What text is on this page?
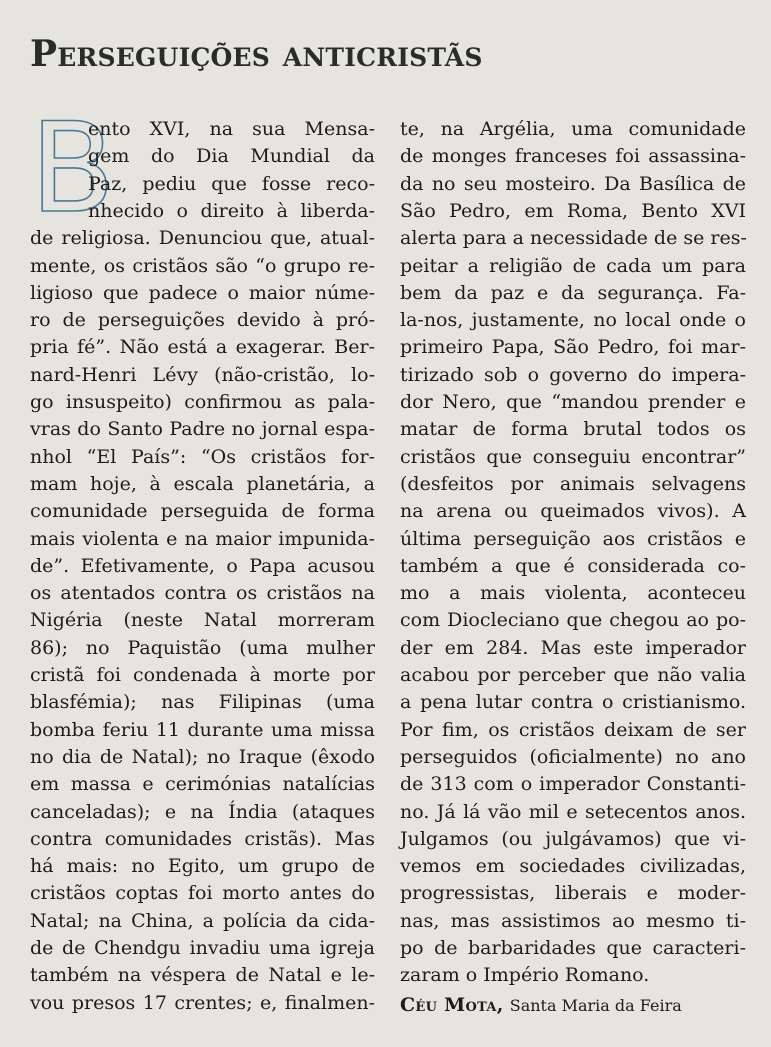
Perseguições anticristãs
B
ento XVI, na sua Mensa-
gem do Dia Mundial da
Paz, pediu que fosse reco-
nhecido o direito à liberda-
de religiosa. Denunciou que, atual-
mente, os cristãos são “o grupo re-
ligioso que padece o maior núme-
ro de perseguições devido à pró-
pria fé”. Não está a exagerar. Ber-
nard-Henri Lévy (não-cristão, lo-
go insuspeito) confirmou as pala-
vras do Santo Padre no jornal espa-
nhol “El País”: “Os cristãos for-
mam hoje, à escala planetária, a
comunidade perseguida de forma
mais violenta e na maior impunida-
de”. Efetivamente, o Papa acusou
os atentados contra os cristãos na
Nigéria (neste Natal morreram
86); no Paquistão (uma mulher
cristã foi condenada à morte por
blasfémia); nas Filipinas (uma
bomba feriu 11 durante uma missa
no dia de Natal); no Iraque (êxodo
em massa e cerimónias natalícias
canceladas); e na Índia (ataques
contra comunidades cristãs). Mas
há mais: no Egito, um grupo de
cristãos coptas foi morto antes do
Natal; na China, a polícia da cida-
de de Chendgu invadiu uma igreja
também na véspera de Natal e le-
vou presos 17 crentes; e, finalmen-
te, na Argélia, uma comunidade
de monges franceses foi assassina-
da no seu mosteiro. Da Basílica de
São Pedro, em Roma, Bento XVI
alerta para a necessidade de se res-
peitar a religião de cada um para
bem da paz e da segurança. Fa-
la-nos, justamente, no local onde o
primeiro Papa, São Pedro, foi mar-
tirizado sob o governo do impera-
dor Nero, que “mandou prender e
matar de forma brutal todos os
cristãos que conseguiu encontrar”
(desfeitos por animais selvagens
na arena ou queimados vivos). A
última perseguição aos cristãos e
também a que é considerada co-
mo a mais violenta, aconteceu
com Diocleciano que chegou ao po-
der em 284. Mas este imperador
acabou por perceber que não valia
a pena lutar contra o cristianismo.
Por fim, os cristãos deixam de ser
perseguidos (oficialmente) no ano
de 313 com o imperador Constanti-
no. Já lá vão mil e setecentos anos.
Julgamos (ou julgávamos) que vi-
vemos em sociedades civilizadas,
progressistas, liberais e moder-
nas, mas assistimos ao mesmo ti-
po de barbaridades que caracteri-
zaram o Império Romano.
Céu Mota, Santa Maria da Feira
